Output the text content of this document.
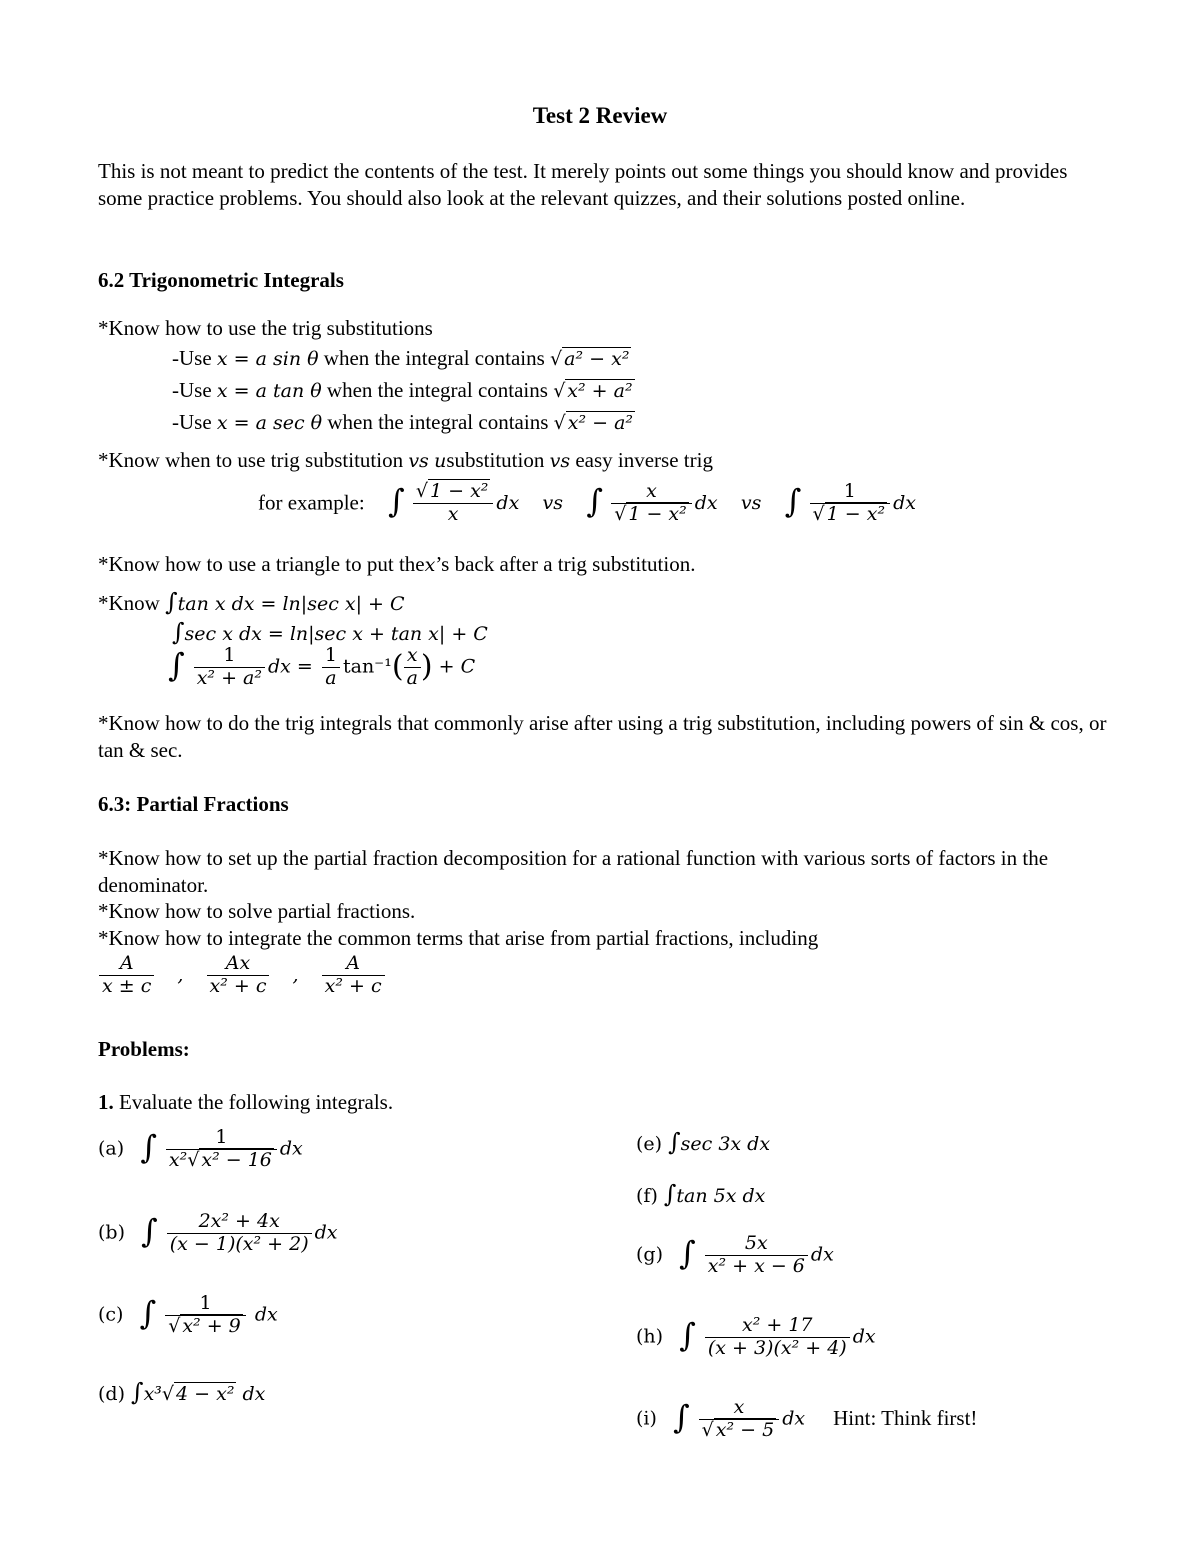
Test 2 Review
This is not meant to predict the contents of the test. It merely points out some things you should know and provides some practice problems. You should also look at the relevant quizzes, and their solutions posted online.
6.2 Trigonometric Integrals
*Know how to use the trig substitutions
-Use x = a sin θ when the integral contains √ a² − x²
-Use x = a tan θ when the integral contains √ x² + a²
-Use x = a sec θ when the integral contains √ x² − a²
*Know when to use trig substitution vs usubstitution vs easy inverse trig
for example: ∫ $\frac{\text{√ 1 − x²}}{x}$ dx vs ∫ $\frac{x}{\text{√ 1 − x²}}$ dx vs ∫ $\frac{1}{\text{√ 1 − x²}}$ dx
*Know how to use a triangle to put thex’s back after a trig substitution.
*Know ∫tan x dx = ln|sec x| + C
∫sec x dx = ln|sec x + tan x| + C
∫ $\frac{1}{\text{x² + a²}}$ dx = $\frac{1}{a} \tan^{-1}( \frac{x}{a}$ ) + C
*Know how to do the trig integrals that commonly arise after using a trig substitution, including powers of sin & cos, or tan & sec.
6.3: Partial Fractions
*Know how to set up the partial fraction decomposition for a rational function with various sorts of factors in the denominator.
*Know how to solve partial fractions.
*Know how to integrate the common terms that arise from partial fractions, including
$\frac{A}{x \pm c}$ , $\frac{Ax}{\text{x² + c}}$ , $\frac{A}{\text{x² + c}}$
Problems:
1. Evaluate the following integrals.
(a) ∫ $\frac{1}{\text{x²√ x² − 16}}$ dx
(b) ∫ $\frac{\text{2x² + 4x}}{\text{(x − 1)(x² + 2)}}$ dx
(c) ∫ $\frac{1}{\text{√ x² + 9}}$ dx
(d) ∫x³√ 4 − x² dx
(e) ∫sec 3x dx
(f) ∫tan 5x dx
(g) ∫ $\frac{5x}{\text{x² + x − 6}}$ dx
(h) ∫ $\frac{\text{x² + 17}}{\text{(x + 3)(x² + 4)}}$ dx
(i) ∫ $\frac{x}{\text{√ x² − 5}}$ dx Hint: Think first!
